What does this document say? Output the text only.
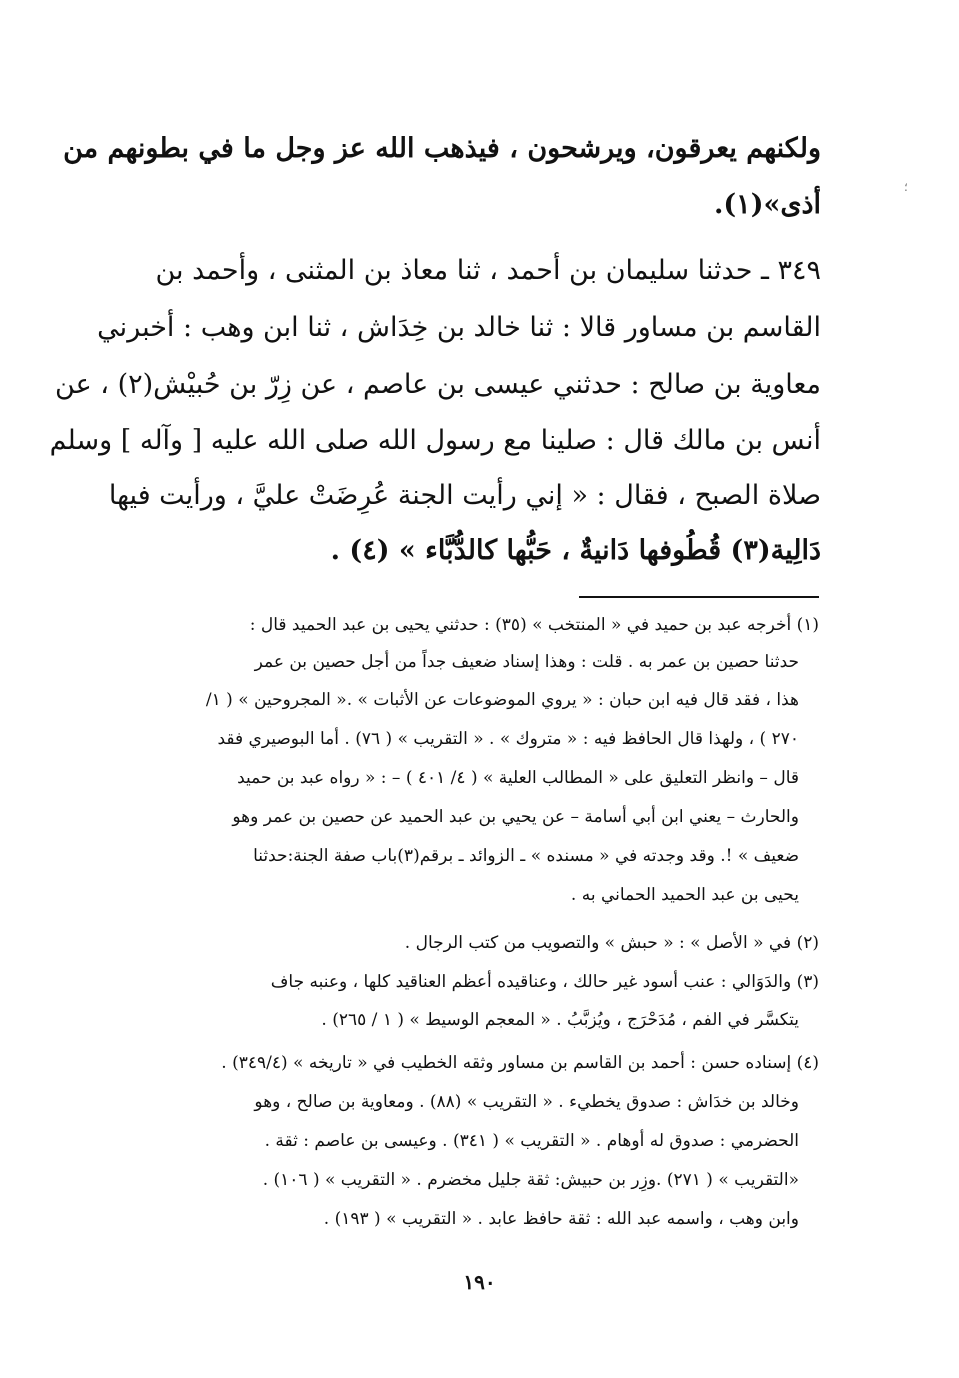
ولكنهم يعرقون، ويرشحون ، فيذهب الله عز وجل ما في بطونهم من
أذى»(١).
٣٤٩ ـ حدثنا سليمان بن أحمد ، ثنا معاذ بن المثنى ، وأحمد بن
القاسم بن مساور قالا : ثنا خالد بن خِدَاش ، ثنا ابن وهب : أخبرني
معاوية بن صالح : حدثني عيسى بن عاصم ، عن زِرّ بن حُبيْش(٢) ، عن
أنس بن مالك قال : صلينا مع رسول الله صلى الله عليه [ وآله ] وسلم
صلاة الصبح ، فقال : « إني رأيت الجنة عُرِضَتْ عليَّ ، ورأيت فيها
دَالِية(٣) قُطُوفها دَانيةٌ ، حَبُّها كالدُّبَّاء » (٤) .
(١) أخرجه عبد بن حميد في « المنتخب » (٣٥) : حدثني يحيى بن عبد الحميد قال :
حدثنا حصين بن عمر به . قلت : وهذا إسناد ضعيف جداً من أجل حصين بن عمر
هذا ، فقد قال فيه ابن حبان : « يروي الموضوعات عن الأثبات » .« المجروحين » ( ١/
٢٧٠ ) ، ولهذا قال الحافظ فيه : « متروك » . « التقريب » ( ٧٦) . أما البوصيري فقد
قال – وانظر التعليق على « المطالب العلية » ( ٤/ ٤٠١ ) – : « رواه عبد بن حميد
والحارث – يعني ابن أبي أسامة – عن يحيي بن عبد الحميد عن حصين بن عمر وهو
ضعيف » !. وقد وجدته في « مسنده » ـ الزوائد ـ برقم(٣)باب صفة الجنة:حدثنا
يحيى بن عبد الحميد الحماني به .
(٢) في « الأصل » : « حبش » والتصويب من كتب الرجال .
(٣) والدَوَالي : عنب أسود غير حالك ، وعناقيده أعظم العناقيد كلها ، وعنبه جاف
يتكسَّر في الفم ، مُدَحْرَج ، ويُزبَّبُ . « المعجم الوسيط » ( ١ / ٢٦٥) .
(٤) إسناده حسن : أحمد بن القاسم بن مساور وثقه الخطيب في « تاريخه » (٣٤٩/٤) .
وخالد بن خدَاش : صدوق يخطيء . « التقريب » (٨٨) . ومعاوية بن صالح ، وهو
الحضرمي : صدوق له أوهام . « التقريب » ( ٣٤١) . وعيسى بن عاصم : ثقة .
«التقريب » ( ٢٧١) .وزِر بن حبيش: ثقة جليل مخضرم . « التقريب » ( ١٠٦) .
وابن وهب ، واسمه عبد الله : ثقة حافظ عابد . « التقريب » ( ١٩٣) .
١٩٠
؛
